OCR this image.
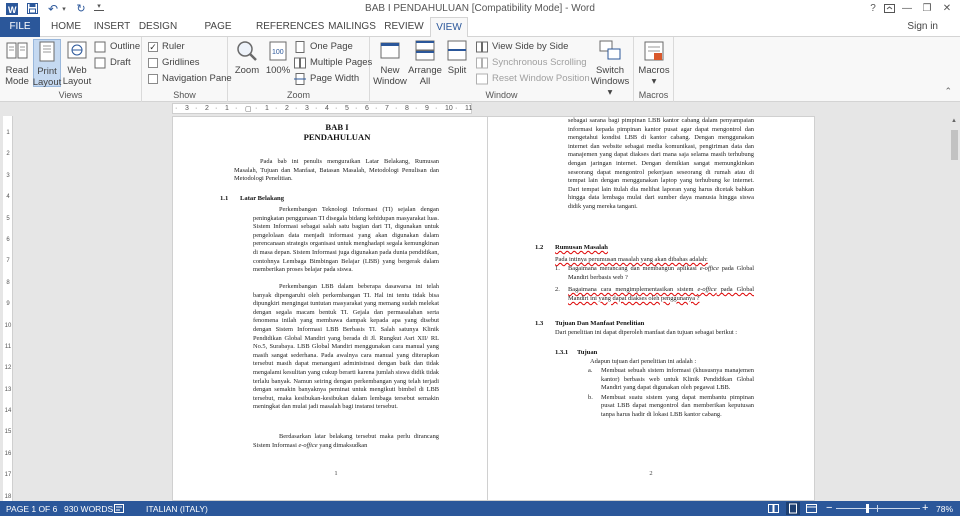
W	↶ ▾ ↻	▾	BAB I PENDAHULUAN [Compatibility Mode] - Word	?	—	❐	✕
FILE	HOME	INSERT DESIGN	PAGE	REFERENCES MAILINGS REVIEW	VIEW	Sign in
Read
Mode
Print
Layout
Web
Layout
Outline
Draft
Views
✓ Ruler
Gridlines
Navigation Pane
Show
Zoom
100
100%
One Page
Multiple Pages
Page Width
Zoom
New
Window
Arrange
All
Split
View Side by Side
Synchronous Scrolling
Reset Window Position
Switch
Windows ▾
Window
Macros
▾
Macros	⌃
· 3 · 2 · 1 · ▢ · 1 · 2 · 3 · 4 · 5 · 6 · 7 · 8 · 9 · 10 · 11
1
2
3
4
5
6
7
8
9
10
11
12
13
14
15
16
17
18
BAB I
PENDAHULUAN
Pada bab ini penulis menguraikan Latar Belakang, Rumusan Masalah, Tujuan dan Manfaat, Batasan Masalah, Metodologi Penulisan dan Metodologi Penelitian.
1.1 Latar Belakang
Perkembangan Teknologi Informasi (TI) sejalan dengan peningkatan penggunaan TI disegala bidang kehidupan masyarakat luas. Sistem Informasi sebagai salah satu bagian dari TI, digunakan untuk pengelolaan data menjadi informasi yang akan digunakan dalam perencanaan strategis organisasi untuk menghadapi segala kemungkinan di masa depan. Sistem Informasi juga digunakan pada dunia pendidikan, contohnya Lembaga Bimbingan Belajar (LBB) yang bergerak dalam memberikan proses belajar pada siswa.
Perkembangan LBB dalam beberapa dasawarsa ini telah banyak dipengaruhi oleh perkembangan TI. Hal ini tentu tidak bisa dipungkiri mengingat tuntutan masyarakat yang memang sudah melekat dengan segala macam bentuk TI. Gejala dan permasalahan serta fenomena inilah yang membawa dampak kepada apa yang disebut dengan Sistem Informasi LBB Berbasis TI. Salah satunya Klinik Pendidikan Global Mandiri yang berada di Jl. Rungkut Asri XII/ RL No.5, Surabaya. LBB Global Mandiri menggunakan cara manual yang masih sangat sederhana. Pada awalnya cara manual yang diterapkan tersebut masih dapat menangani administrasi dengan baik dan tidak mengalami kesulitan yang cukup berarti karena jumlah siswa didik tidak terlalu banyak. Namun seiring dengan perkembangan yang telah terjadi dengan semakin banyaknya peminat untuk mengikuti bimbel di LBB tersebut, maka kesibukan-kesibukan dalam lembaga tersebut semakin meningkat dan mulai jadi masalah bagi instansi tersebut.
Berdasarkan latar belakang tersebut maka perlu dirancang Sistem Informasi e-office yang dimaksudkan
1
sebagai sarana bagi pimpinan LBB kantor cabang dalam penyampaian informasi kepada pimpinan kantor pusat agar dapat mengontrol dan mengetahui kondisi LBB di kantor cabang. Dengan menggunakan internet dan website sebagai media komunikasi, pengiriman data dan manajemen yang dapat diakses dari mana saja selama masih terhubung dengan jaringan internet. Dengan demikian sangat memungkinkan seseorang dapat mengontrol pekerjaan seseorang di rumah atau di tempat lain dengan menggunakan laptop yang terhubung ke internet. Dari tempat lain itulah dia melihat laporan yang harus dicetak bahkan hingga data lembaga mulai dari sumber daya manusia hingga siswa didik yang mereka tangani.
1.2 Rumusan Masalah
Pada intinya perumusan masalah yang akan dibahas adalah:
1.	Bagaimana merancang dan membangun aplikasi e-office pada Global Mandiri berbasis web ?
2.	Bagaimana cara mengimplementasikan sistem e-office pada Global Mandiri ini yang dapat diakses oleh penggunanya ?
1.3 Tujuan Dan Manfaat Penelitian
Dari penelitian ini dapat diperoleh manfaat dan tujuan sebagai berikut :
1.3.1 Tujuan
Adapun tujuan dari penelitian ini adalah :
a.	Membuat sebuah sistem informasi (khususnya manajemen kantor) berbasis web untuk Klinik Pendidikan Global Mandiri yang dapat digunakan oleh pegawai LBB.
b.	Membuat suatu sistem yang dapat membantu pimpinan pusat LBB dapat mengontrol dan memberikan keputusan tanpa harus hadir di lokasi LBB kantor cabang.
2
▲
PAGE 1 OF 6 930 WORDS	ITALIAN (ITALY)	−	+ 78%
